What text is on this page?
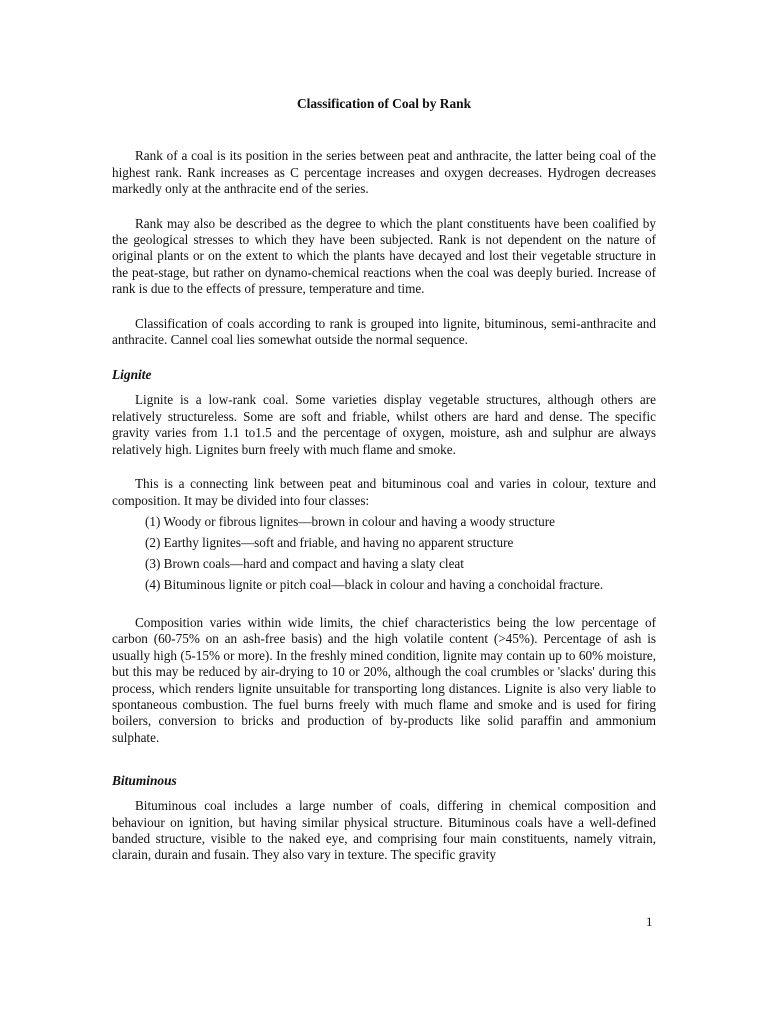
Classification of Coal by Rank

Rank of a coal is its position in the series between peat and anthracite, the latter being coal of the highest rank. Rank increases as C percentage increases and oxygen decreases. Hydrogen decreases markedly only at the anthracite end of the series.

Rank may also be described as the degree to which the plant constituents have been coalified by the geological stresses to which they have been subjected. Rank is not dependent on the nature of original plants or on the extent to which the plants have decayed and lost their vegetable structure in the peat-stage, but rather on dynamo-chemical reactions when the coal was deeply buried. Increase of rank is due to the effects of pressure, temperature and time.

Classification of coals according to rank is grouped into lignite, bituminous, semi-anthracite and anthracite. Cannel coal lies somewhat outside the normal sequence.

Lignite

Lignite is a low-rank coal. Some varieties display vegetable structures, although others are relatively structureless. Some are soft and friable, whilst others are hard and dense. The specific gravity varies from 1.1 to1.5 and the percentage of oxygen, moisture, ash and sulphur are always relatively high. Lignites burn freely with much flame and smoke.

This is a connecting link between peat and bituminous coal and varies in colour, texture and composition. It may be divided into four classes:

(1) Woody or fibrous lignites—brown in colour and having a woody structure
(2) Earthy lignites—soft and friable, and having no apparent structure
(3) Brown coals—hard and compact and having a slaty cleat
(4) Bituminous lignite or pitch coal—black in colour and having a conchoidal fracture.

Composition varies within wide limits, the chief characteristics being the low percentage of carbon (60-75% on an ash-free basis) and the high volatile content (>45%). Percentage of ash is usually high (5-15% or more). In the freshly mined condition, lignite may contain up to 60% moisture, but this may be reduced by air-drying to 10 or 20%, although the coal crumbles or 'slacks' during this process, which renders lignite unsuitable for transporting long distances. Lignite is also very liable to spontaneous combustion. The fuel burns freely with much flame and smoke and is used for firing boilers, conversion to bricks and production of by-products like solid paraffin and ammonium sulphate.

Bituminous

Bituminous coal includes a large number of coals, differing in chemical composition and behaviour on ignition, but having similar physical structure. Bituminous coals have a well-defined banded structure, visible to the naked eye, and comprising four main constituents, namely vitrain, clarain, durain and fusain. They also vary in texture. The specific gravity

1
